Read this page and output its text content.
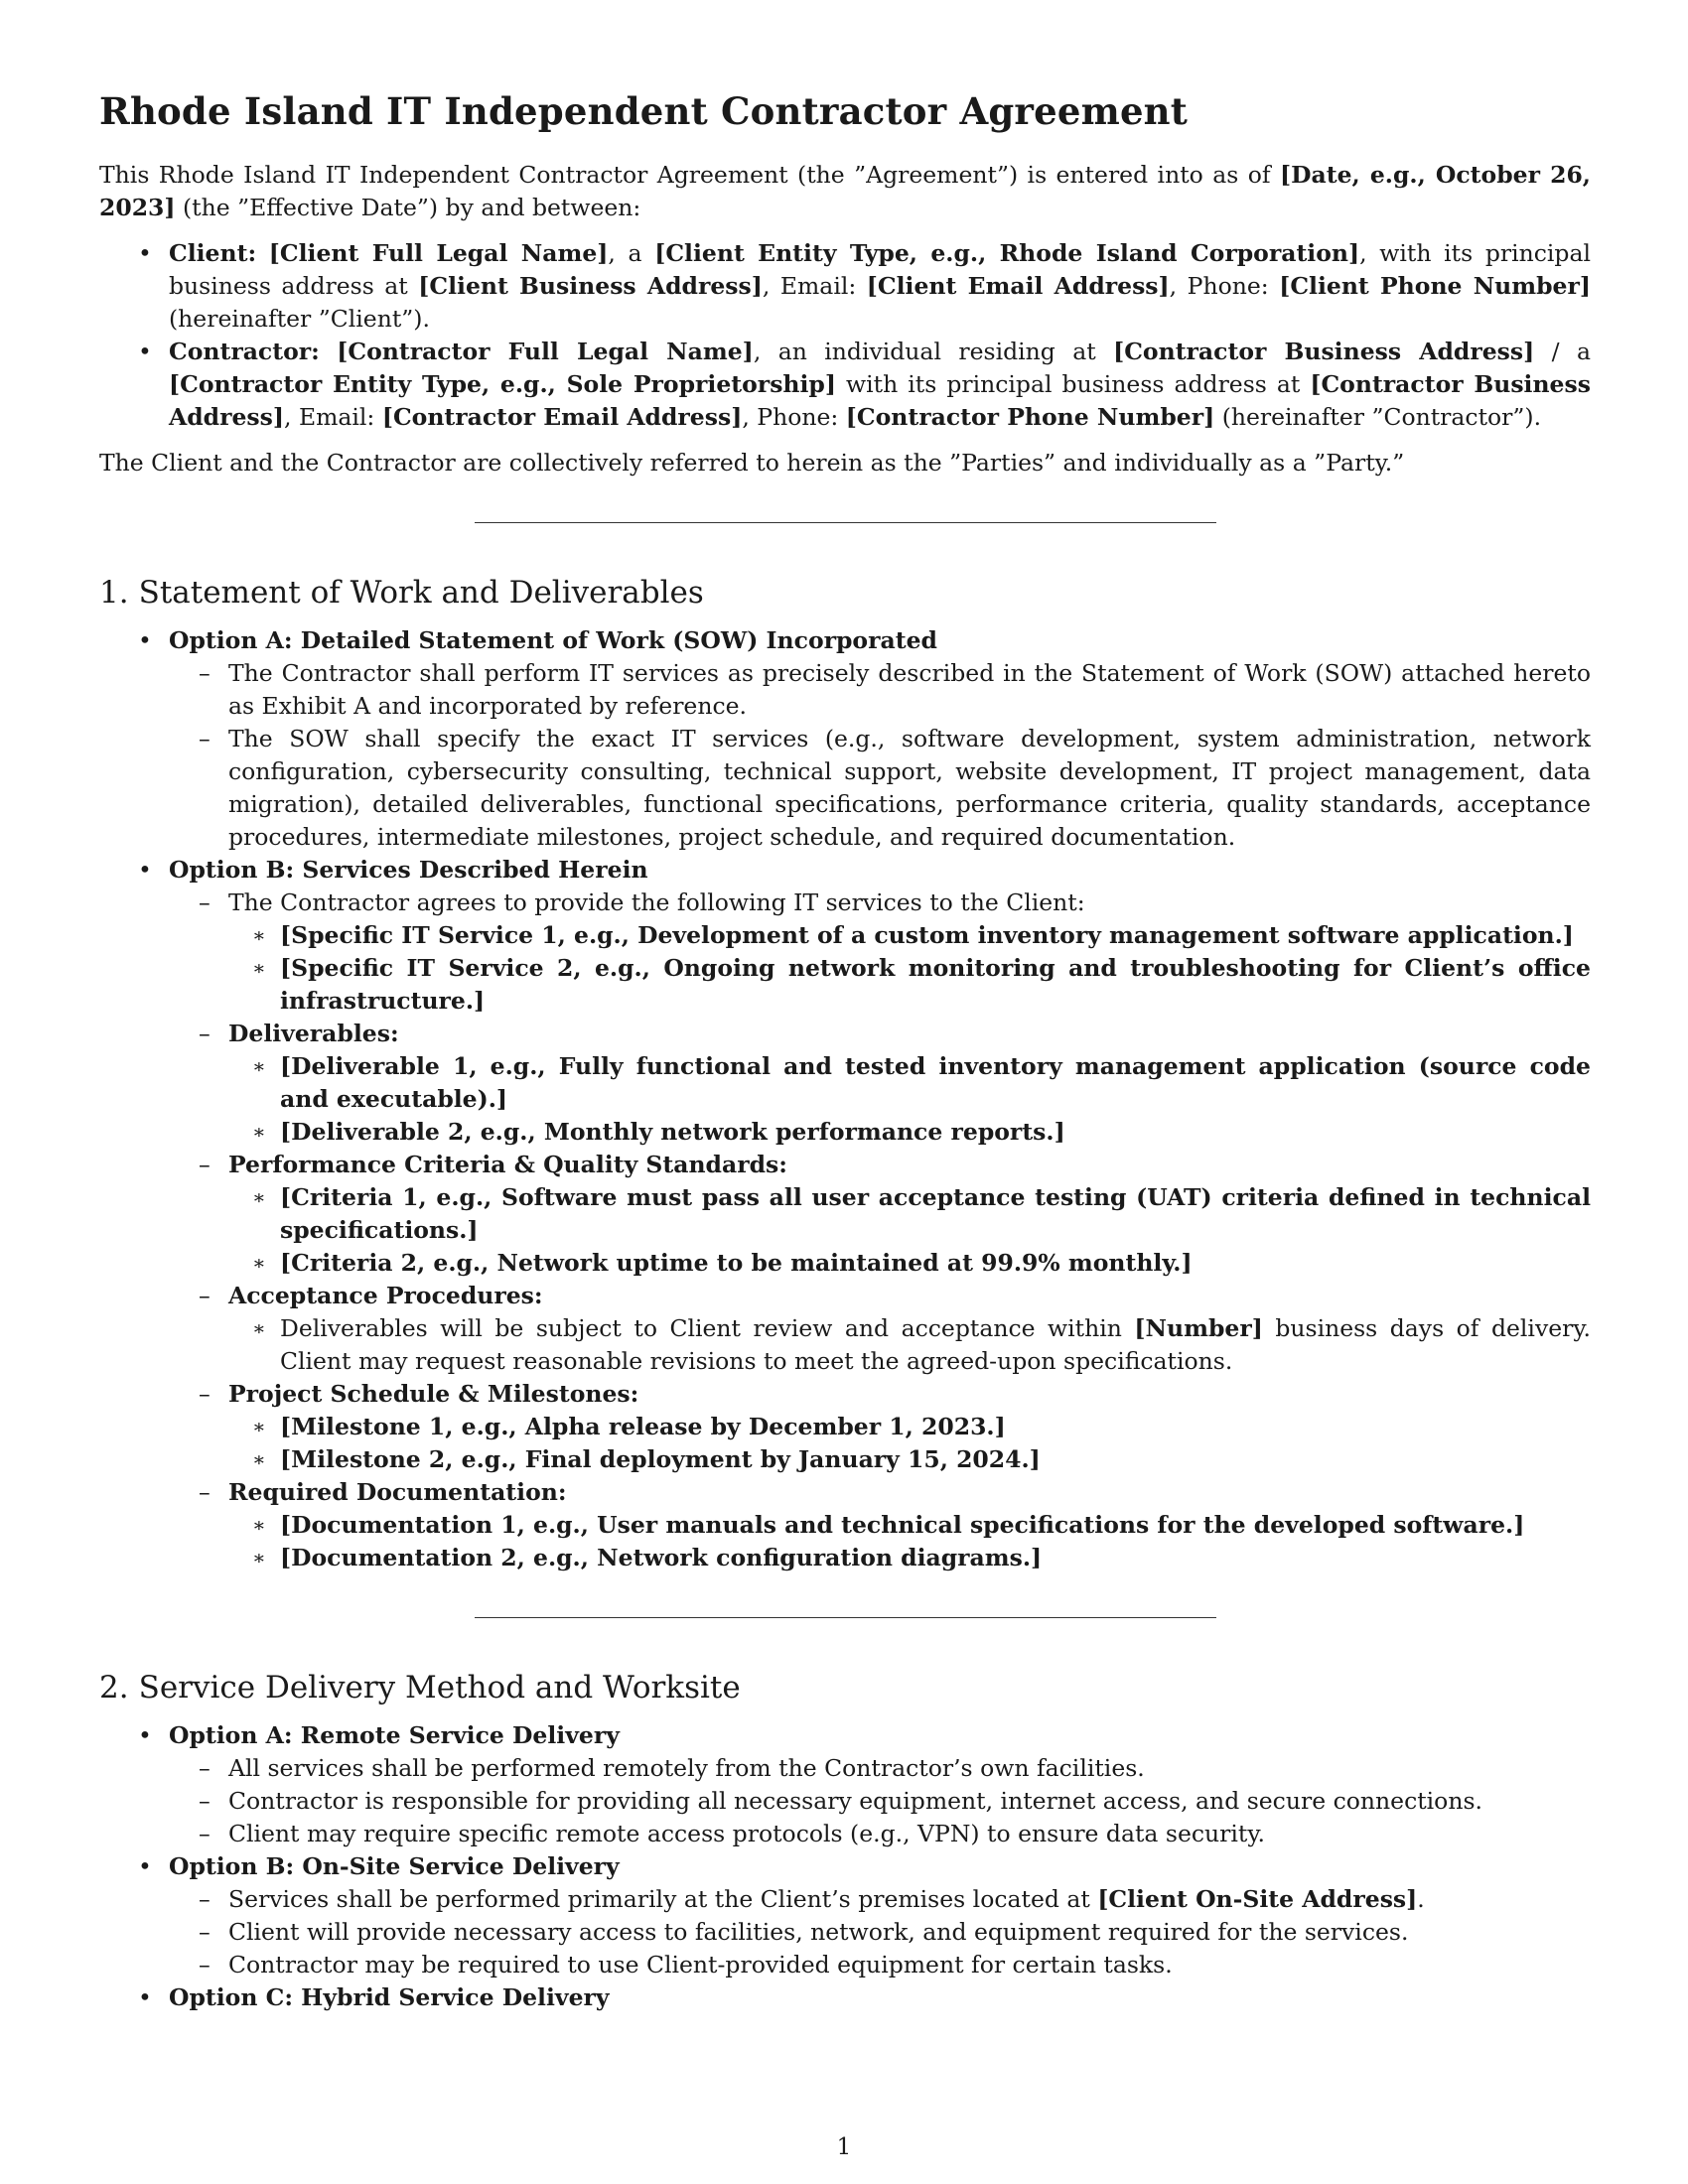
Rhode Island IT Independent Contractor Agreement

This Rhode Island IT Independent Contractor Agreement (the ”Agreement”) is entered into as of [Date, e.g., October 26, 2023] (the ”Effective Date”) by and between:

• Client: [Client Full Legal Name], a [Client Entity Type, e.g., Rhode Island Corporation], with its principal business address at [Client Business Address], Email: [Client Email Address], Phone: [Client Phone Number] (hereinafter ”Client”).
• Contractor: [Contractor Full Legal Name], an individual residing at [Contractor Business Address] / a [Contractor Entity Type, e.g., Sole Proprietorship] with its principal business address at [Contractor Business Address], Email: [Contractor Email Address], Phone: [Contractor Phone Number] (hereinafter ”Contractor”).

The Client and the Contractor are collectively referred to herein as the ”Parties” and individually as a ”Party.”

1. Statement of Work and Deliverables
• Option A: Detailed Statement of Work (SOW) Incorporated
– The Contractor shall perform IT services as precisely described in the Statement of Work (SOW) attached hereto as Exhibit A and incorporated by reference.
– The SOW shall specify the exact IT services (e.g., software development, system administration, network configuration, cybersecurity consulting, technical support, website development, IT project management, data migration), detailed deliverables, functional specifications, performance criteria, quality standards, acceptance procedures, intermediate milestones, project schedule, and required documentation.
• Option B: Services Described Herein
– The Contractor agrees to provide the following IT services to the Client:
∗ [Specific IT Service 1, e.g., Development of a custom inventory management software application.]
∗ [Specific IT Service 2, e.g., Ongoing network monitoring and troubleshooting for Client’s office infrastructure.]
– Deliverables:
∗ [Deliverable 1, e.g., Fully functional and tested inventory management application (source code and executable).]
∗ [Deliverable 2, e.g., Monthly network performance reports.]
– Performance Criteria & Quality Standards:
∗ [Criteria 1, e.g., Software must pass all user acceptance testing (UAT) criteria defined in technical specifications.]
∗ [Criteria 2, e.g., Network uptime to be maintained at 99.9% monthly.]
– Acceptance Procedures:
∗ Deliverables will be subject to Client review and acceptance within [Number] business days of delivery. Client may request reasonable revisions to meet the agreed-upon specifications.
– Project Schedule & Milestones:
∗ [Milestone 1, e.g., Alpha release by December 1, 2023.]
∗ [Milestone 2, e.g., Final deployment by January 15, 2024.]
– Required Documentation:
∗ [Documentation 1, e.g., User manuals and technical specifications for the developed software.]
∗ [Documentation 2, e.g., Network configuration diagrams.]
2. Service Delivery Method and Worksite
• Option A: Remote Service Delivery
– All services shall be performed remotely from the Contractor’s own facilities.
– Contractor is responsible for providing all necessary equipment, internet access, and secure connections.
– Client may require specific remote access protocols (e.g., VPN) to ensure data security.
• Option B: On-Site Service Delivery
– Services shall be performed primarily at the Client’s premises located at [Client On-Site Address].
– Client will provide necessary access to facilities, network, and equipment required for the services.
– Contractor may be required to use Client-provided equipment for certain tasks.
• Option C: Hybrid Service Delivery
1
